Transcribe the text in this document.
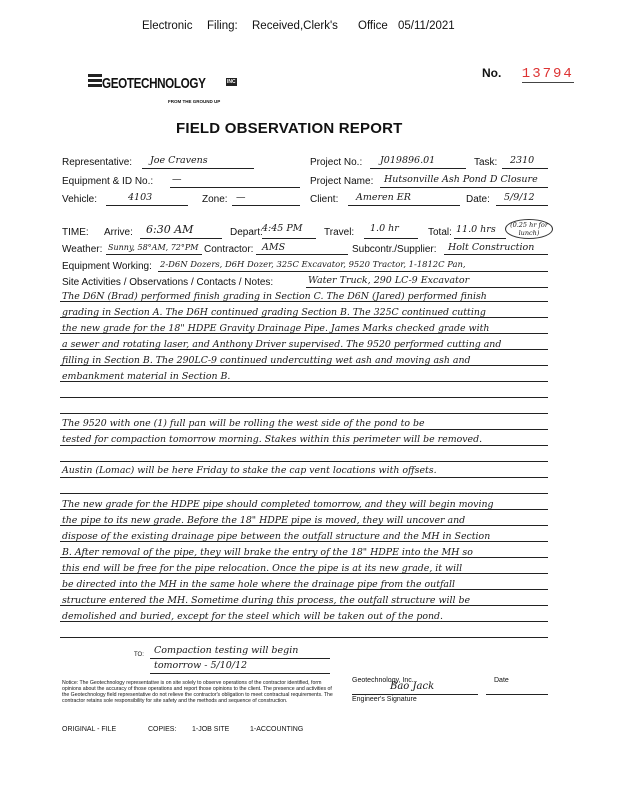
Electronic Filing: Received,Clerk's Office 05/11/2021
No. 13794
GEOTECHNOLOGY	INC
FROM THE GROUND UP
FIELD OBSERVATION REPORT
Representative: Joe Cravens	Project No.: J019896.01	Task: 2310
Equipment & ID No.: —	Project Name: Hutsonville Ash Pond D Closure
Vehicle:	4103	Zone: —	Client: Ameren ER	Date: 5/9/12
TIME: Arrive: 6:30 AM	Depart: 4:45 PM Travel: 1.0 hr	Total: 11.0 hrs	(0.25 hr for lunch)
Weather: Sunny, 58°AM, 72°PM Contractor: AMS	Subcontr./Supplier: Holt Construction
Equipment Working: 2-D6N Dozers, D6H Dozer, 325C Excavator, 9520 Tractor, 1-1812C Pan,
Site Activities / Observations / Contacts / Notes:	Water Truck, 290 LC-9 Excavator
The D6N (Brad) performed finish grading in Section C. The D6N (Jared) performed finish
grading in Section A. The D6H continued grading Section B. The 325C continued cutting
the new grade for the 18" HDPE Gravity Drainage Pipe. James Marks checked grade with
a sewer and rotating laser, and Anthony Driver supervised. The 9520 performed cutting and
filling in Section B. The 290LC-9 continued undercutting wet ash and moving ash and
embankment material in Section B.
The 9520 with one (1) full pan will be rolling the west side of the pond to be
tested for compaction tomorrow morning. Stakes within this perimeter will be removed.
Austin (Lomac) will be here Friday to stake the cap vent locations with offsets.
The new grade for the HDPE pipe should completed tomorrow, and they will begin moving
the pipe to its new grade. Before the 18" HDPE pipe is moved, they will uncover and
dispose of the existing drainage pipe between the outfall structure and the MH in Section
B. After removal of the pipe, they will brake the entry of the 18" HDPE into the MH so
this end will be free for the pipe relocation. Once the pipe is at its new grade, it will
be directed into the MH in the same hole where the drainage pipe from the outfall
structure entered the MH. Sometime during this process, the outfall structure will be
demolished and buried, except for the steel which will be taken out of the pond.
TO: Compaction testing will begin
tomorrow - 5/10/12
Notice: The Geotechnology representative is on site solely to observe operations of the contractor identified, form opinions about the accuracy of those operations and report those opinions to the client. The presence and activities of the Geotechnology field representative do not relieve the contractor's obligation to meet contractual requirements. The contractor retains sole responsibility for site safety and the methods and sequence of construction.
Geotechnology, Inc.	Date
Bao Jack
Engineer's Signature
ORIGINAL - FILE	COPIES: 1-JOB SITE	1-ACCOUNTING
